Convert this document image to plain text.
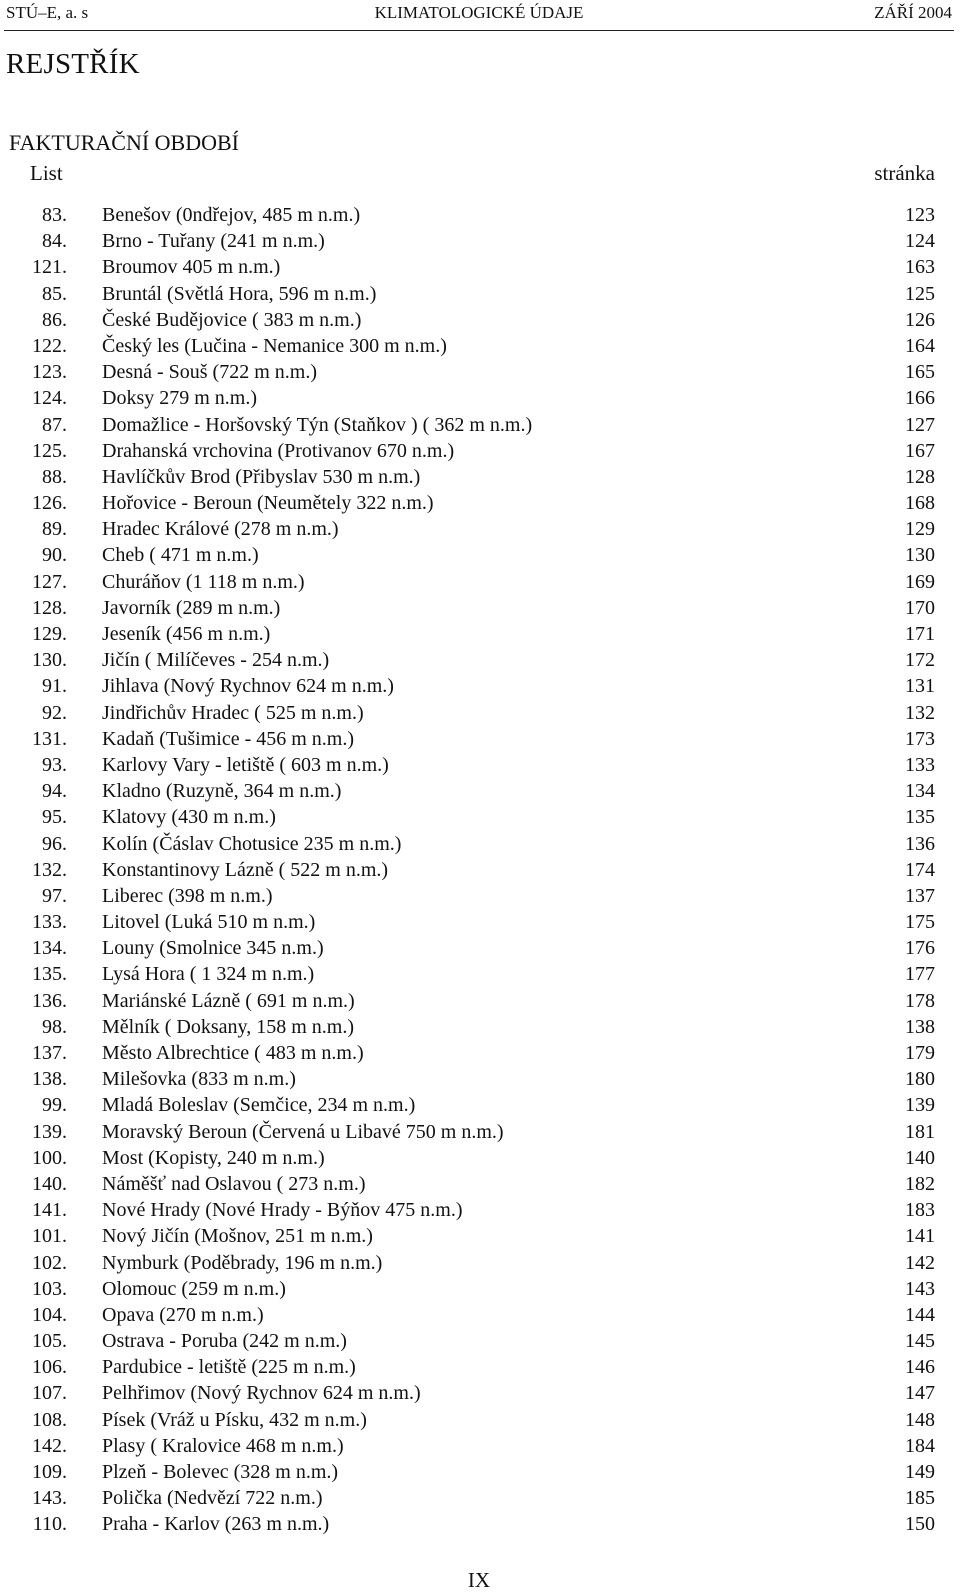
STÚ–E, a. s	KLIMATOLOGICKÉ ÚDAJE	ZÁŘÍ 2004
REJSTŘÍK
FAKTURAČNÍ OBDOBÍ
List	stránka
83. Benešov (0ndřejov, 485 m n.m.)	123
84. Brno - Tuřany (241 m n.m.)	124
121. Broumov 405 m n.m.)	163
85. Bruntál (Světlá Hora, 596 m n.m.)	125
86. České Budějovice ( 383 m n.m.)	126
122. Český les (Lučina - Nemanice 300 m n.m.)	164
123. Desná - Souš (722 m n.m.)	165
124. Doksy 279 m n.m.)	166
87. Domažlice - Horšovský Týn (Staňkov ) ( 362 m n.m.)	127
125. Drahanská vrchovina (Protivanov 670 n.m.)	167
88. Havlíčkův Brod (Přibyslav 530 m n.m.)	128
126. Hořovice - Beroun (Neumětely 322 n.m.)	168
89. Hradec Králové (278 m n.m.)	129
90. Cheb ( 471 m n.m.)	130
127. Churáňov (1 118 m n.m.)	169
128. Javorník (289 m n.m.)	170
129. Jeseník (456 m n.m.)	171
130. Jičín ( Milíčeves - 254 n.m.)	172
91. Jihlava (Nový Rychnov 624 m n.m.)	131
92. Jindřichův Hradec ( 525 m n.m.)	132
131. Kadaň (Tušimice - 456 m n.m.)	173
93. Karlovy Vary - letiště ( 603 m n.m.)	133
94. Kladno (Ruzyně, 364 m n.m.)	134
95. Klatovy (430 m n.m.)	135
96. Kolín (Čáslav Chotusice 235 m n.m.)	136
132. Konstantinovy Lázně ( 522 m n.m.)	174
97. Liberec (398 m n.m.)	137
133. Litovel (Luká 510 m n.m.)	175
134. Louny (Smolnice 345 n.m.)	176
135. Lysá Hora ( 1 324 m n.m.)	177
136. Mariánské Lázně ( 691 m n.m.)	178
98. Mělník ( Doksany, 158 m n.m.)	138
137. Město Albrechtice ( 483 m n.m.)	179
138. Milešovka (833 m n.m.)	180
99. Mladá Boleslav (Semčice, 234 m n.m.)	139
139. Moravský Beroun (Červená u Libavé 750 m n.m.)	181
100. Most (Kopisty, 240 m n.m.)	140
140. Náměšť nad Oslavou ( 273 n.m.)	182
141. Nové Hrady (Nové Hrady - Býňov 475 n.m.)	183
101. Nový Jičín (Mošnov, 251 m n.m.)	141
102. Nymburk (Poděbrady, 196 m n.m.)	142
103. Olomouc (259 m n.m.)	143
104. Opava (270 m n.m.)	144
105. Ostrava - Poruba (242 m n.m.)	145
106. Pardubice - letiště (225 m n.m.)	146
107. Pelhřimov (Nový Rychnov 624 m n.m.)	147
108. Písek (Vráž u Písku, 432 m n.m.)	148
142. Plasy ( Kralovice 468 m n.m.)	184
109. Plzeň - Bolevec (328 m n.m.)	149
143. Polička (Nedvězí 722 n.m.)	185
110. Praha - Karlov (263 m n.m.)	150
IX
